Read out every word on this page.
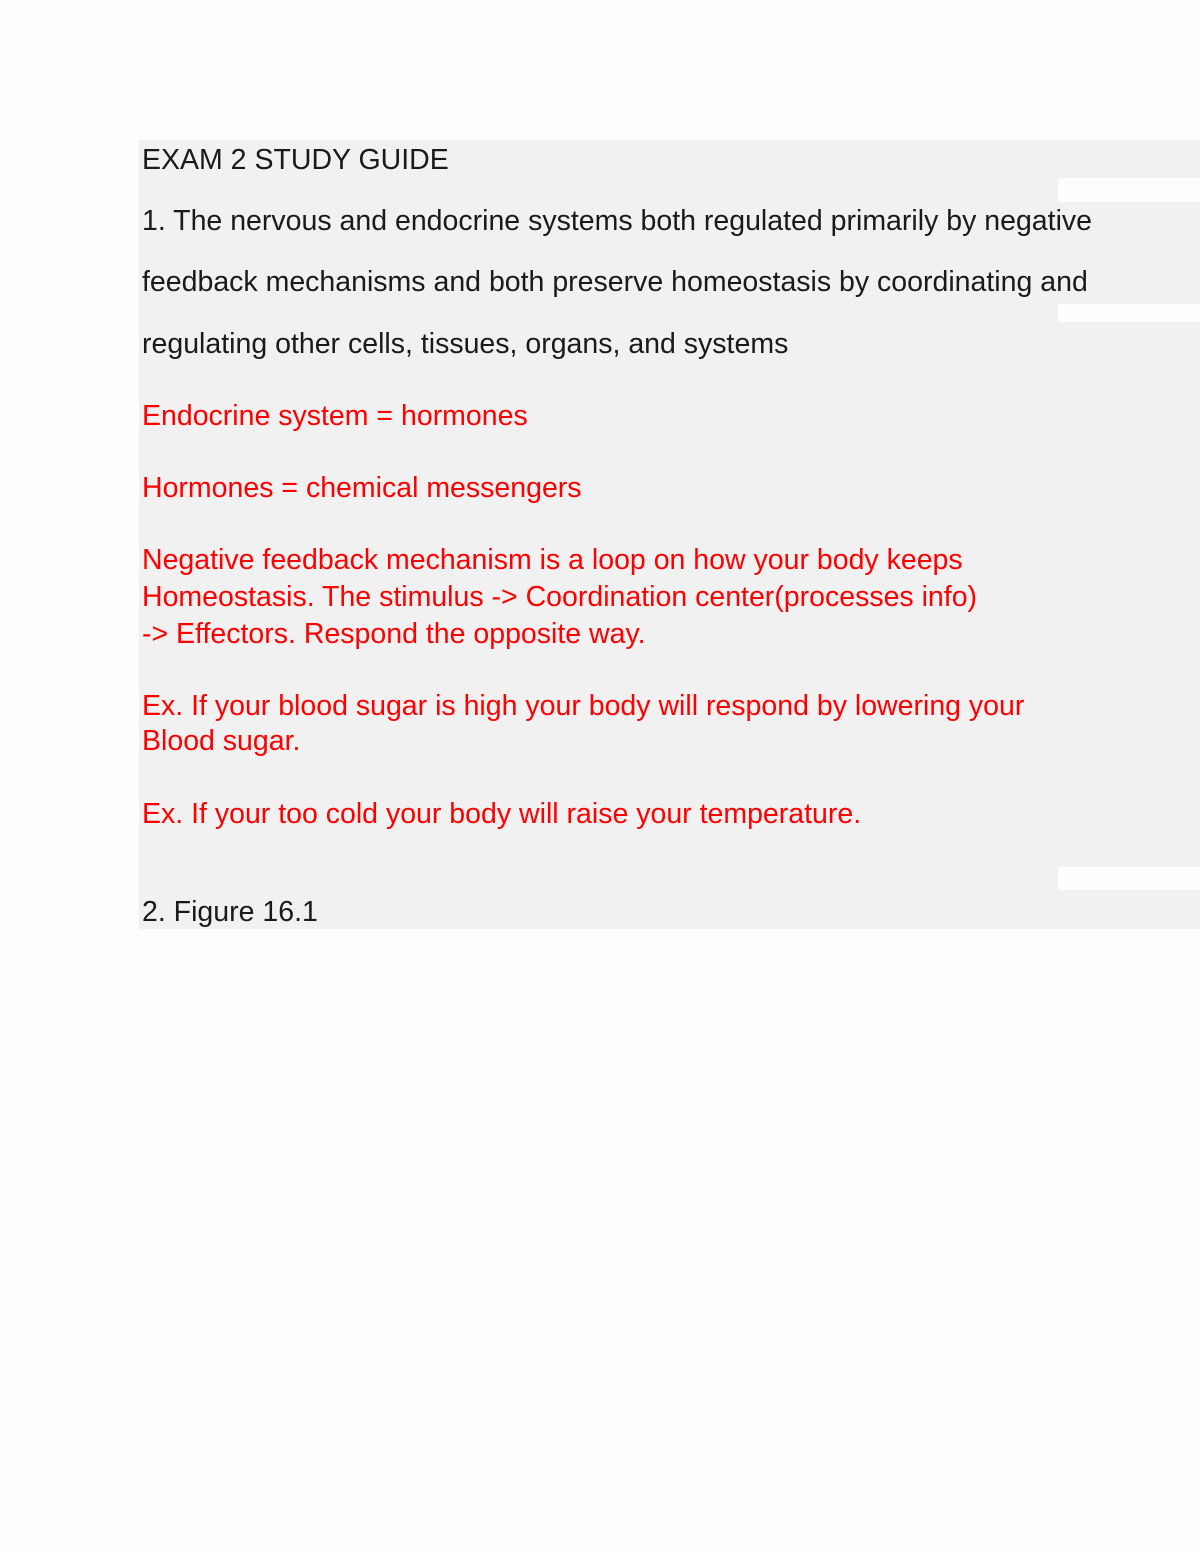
EXAM 2 STUDY GUIDE

1. The nervous and endocrine systems both regulated primarily by negative

feedback mechanisms and both preserve homeostasis by coordinating and

regulating other cells, tissues, organs, and systems

Endocrine system = hormones

Hormones = chemical messengers

Negative feedback mechanism is a loop on how your body keeps

Homeostasis. The stimulus -> Coordination center(processes info)

-> Effectors. Respond the opposite way.

Ex. If your blood sugar is high your body will respond by lowering your

Blood sugar.

Ex. If your too cold your body will raise your temperature.

2. Figure 16.1
